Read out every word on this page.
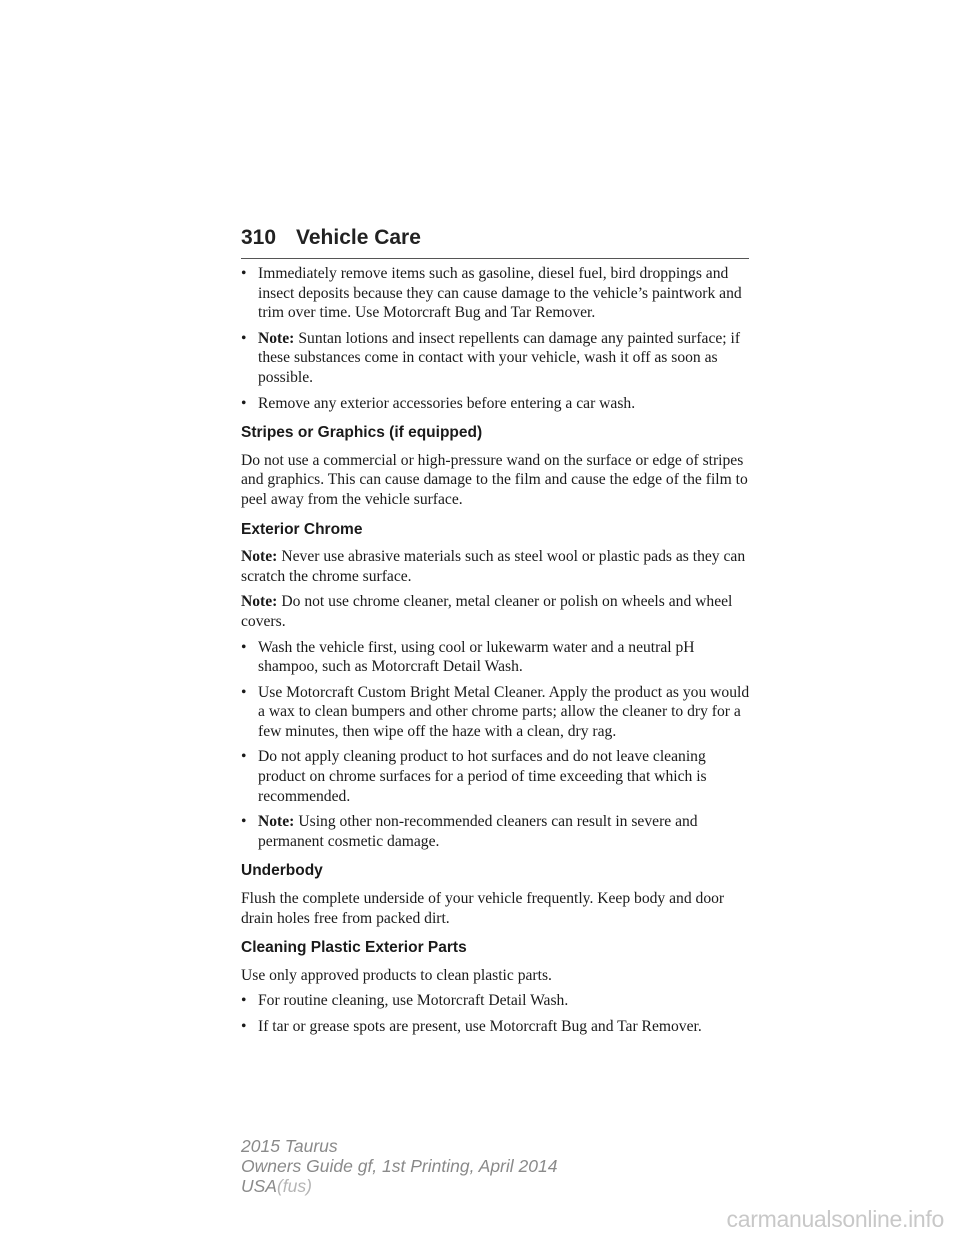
310 Vehicle Care
• Immediately remove items such as gasoline, diesel fuel, bird droppings and insect deposits because they can cause damage to the vehicle’s paintwork and trim over time. Use Motorcraft Bug and Tar Remover.
• Note: Suntan lotions and insect repellents can damage any painted surface; if these substances come in contact with your vehicle, wash it off as soon as possible.
• Remove any exterior accessories before entering a car wash.
Stripes or Graphics (if equipped)

Do not use a commercial or high-pressure wand on the surface or edge of stripes and graphics. This can cause damage to the film and cause the edge of the film to peel away from the vehicle surface.

Exterior Chrome

Note: Never use abrasive materials such as steel wool or plastic pads as they can scratch the chrome surface.

Note: Do not use chrome cleaner, metal cleaner or polish on wheels and wheel covers.

• Wash the vehicle first, using cool or lukewarm water and a neutral pH shampoo, such as Motorcraft Detail Wash.
• Use Motorcraft Custom Bright Metal Cleaner. Apply the product as you would a wax to clean bumpers and other chrome parts; allow the cleaner to dry for a few minutes, then wipe off the haze with a clean, dry rag.
• Do not apply cleaning product to hot surfaces and do not leave cleaning product on chrome surfaces for a period of time exceeding that which is recommended.
• Note: Using other non-recommended cleaners can result in severe and permanent cosmetic damage.
Underbody

Flush the complete underside of your vehicle frequently. Keep body and door drain holes free from packed dirt.

Cleaning Plastic Exterior Parts

Use only approved products to clean plastic parts.

• For routine cleaning, use Motorcraft Detail Wash.
• If tar or grease spots are present, use Motorcraft Bug and Tar Remover.
2015 Taurus
Owners Guide gf, 1st Printing, April 2014
USA(fus)
carmanualsonline.info
